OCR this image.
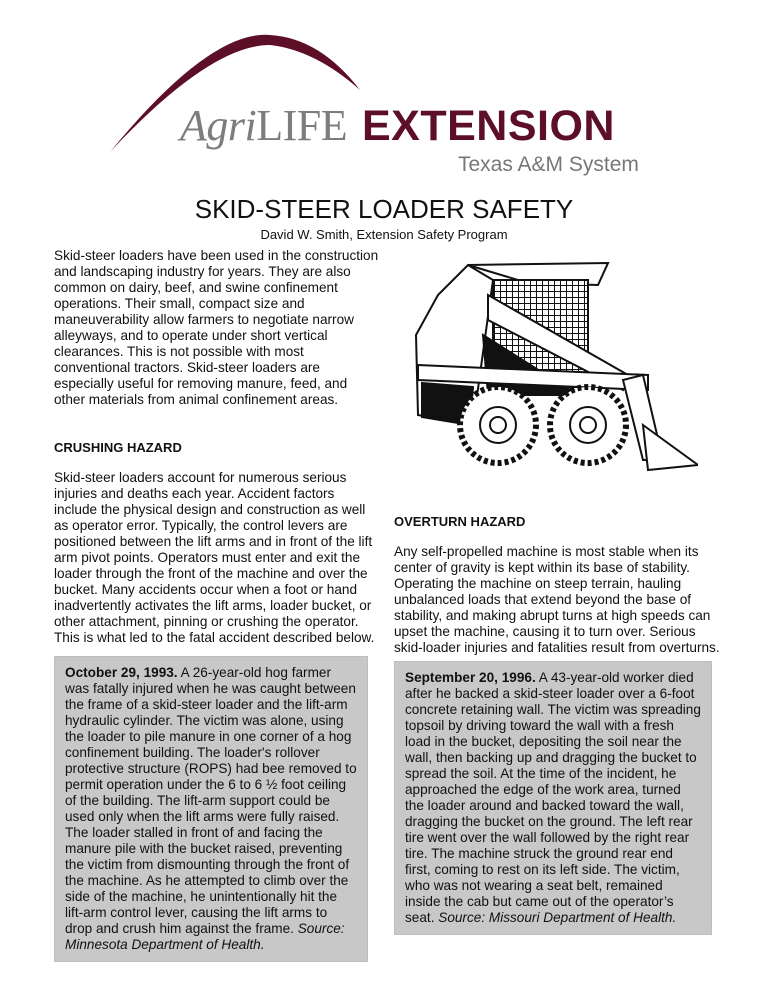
AgriLIFE EXTENSION
Texas A&M System
SKID-STEER LOADER SAFETY
David W. Smith, Extension Safety Program
Skid-steer loaders have been used in the construction and landscaping industry for years. They are also common on dairy, beef, and swine confinement operations. Their small, compact size and maneuverability allow farmers to negotiate narrow alleyways, and to operate under short vertical clearances. This is not possible with most conventional tractors. Skid-steer loaders are especially useful for removing manure, feed, and other materials from animal confinement areas.
CRUSHING HAZARD
Skid-steer loaders account for numerous serious injuries and deaths each year. Accident factors include the physical design and construction as well as operator error. Typically, the control levers are positioned between the lift arms and in front of the lift arm pivot points. Operators must enter and exit the loader through the front of the machine and over the bucket. Many accidents occur when a foot or hand inadvertently activates the lift arms, loader bucket, or other attachment, pinning or crushing the operator. This is what led to the fatal accident described below.
October 29, 1993. A 26-year-old hog farmer was fatally injured when he was caught between the frame of a skid-steer loader and the lift-arm hydraulic cylinder. The victim was alone, using the loader to pile manure in one corner of a hog confinement building. The loader's rollover protective structure (ROPS) had bee removed to permit operation under the 6 to 6 ½ foot ceiling of the building. The lift-arm support could be used only when the lift arms were fully raised. The loader stalled in front of and facing the manure pile with the bucket raised, preventing the victim from dismounting through the front of the machine. As he attempted to climb over the side of the machine, he unintentionally hit the lift-arm control lever, causing the lift arms to drop and crush him against the frame. Source: Minnesota Department of Health.
OVERTURN HAZARD
Any self-propelled machine is most stable when its center of gravity is kept within its base of stability. Operating the machine on steep terrain, hauling unbalanced loads that extend beyond the base of stability, and making abrupt turns at high speeds can upset the machine, causing it to turn over. Serious skid-loader injuries and fatalities result from overturns.
September 20, 1996. A 43-year-old worker died after he backed a skid-steer loader over a 6-foot concrete retaining wall. The victim was spreading topsoil by driving toward the wall with a fresh load in the bucket, depositing the soil near the wall, then backing up and dragging the bucket to spread the soil. At the time of the incident, he approached the edge of the work area, turned the loader around and backed toward the wall, dragging the bucket on the ground. The left rear tire went over the wall followed by the right rear tire. The machine struck the ground rear end first, coming to rest on its left side. The victim, who was not wearing a seat belt, remained inside the cab but came out of the operator’s seat. Source: Missouri Department of Health.
